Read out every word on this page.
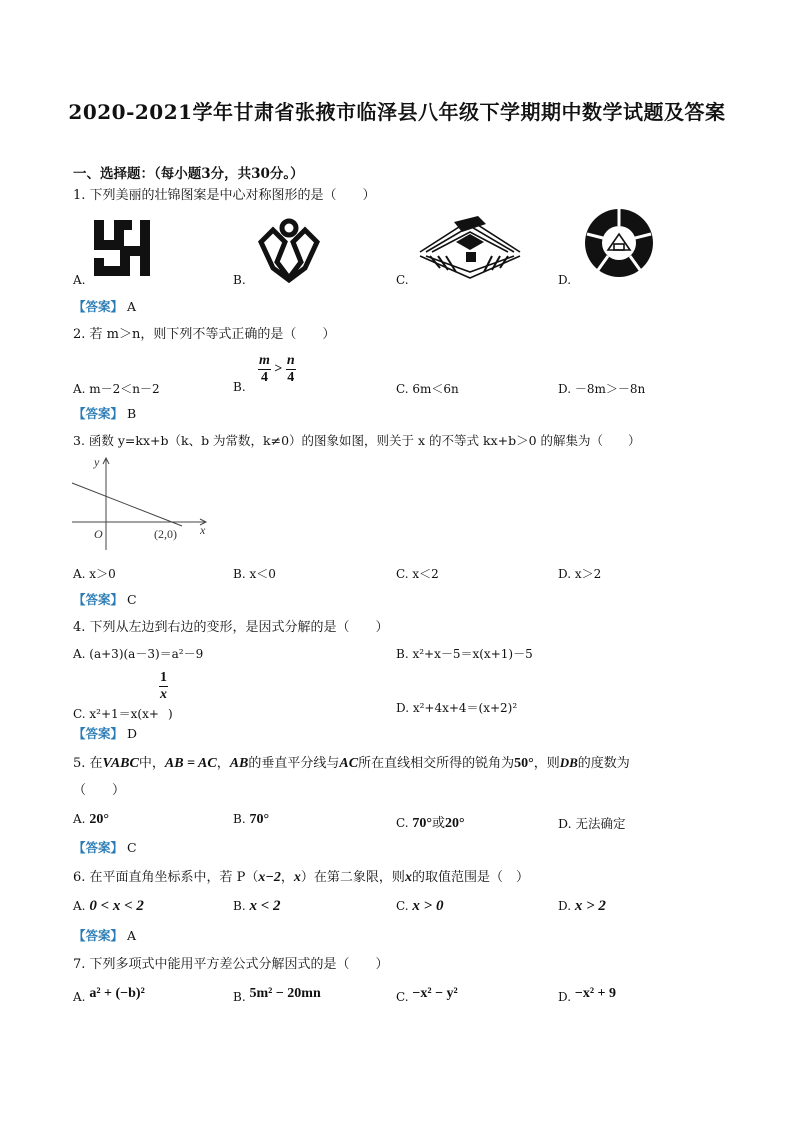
2020-2021学年甘肃省张掖市临泽县八年级下学期期中数学试题及答案
一、选择题：（每小题3分，共30分。）
1. 下列美丽的壮锦图案是中心对称图形的是（　　）
A.	B.	C.	D.
【答案】 A
2. 若 m＞n，则下列不等式正确的是（　　）
A. m－2＜n－2	B.
$\frac{m}{4} > \frac{n}{4}$
C. 6m＜6n	D. －8m＞－8n
【答案】 B
3. 函数 y=kx+b（k、b 为常数，k≠0）的图象如图，则关于 x 的不等式 kx+b＞0 的解集为（　　）
y
x
O	(2,0)
A. x＞0	B. x＜0	C. x＜2	D. x＞2
【答案】 C
4. 下列从左边到右边的变形，是因式分解的是（　　）
A. (a+3)(a－3)＝a²－9	B. x²+x－5＝x(x+1)－5
C. x²+1＝x(x+
$\frac{1}{x}$
)	D. x²+4x+4＝(x+2)²
【答案】 D
5. 在VABC中，AB = AC，AB的垂直平分线与AC所在直线相交所得的锐角为50°，则DB的度数为
（　　）
A. 20°	B. 70°	C. 70°或20°	D. 无法确定
【答案】 C
6. 在平面直角坐标系中，若 P（x−2，x）在第二象限，则x的取值范围是（　）
A. 0 < x < 2	B. x < 2	C. x > 0	D. x > 2
【答案】 A
7. 下列多项式中能用平方差公式分解因式的是（　　）
A. a² + (−b)²	B. 5m² − 20mn	C. −x² − y²	D. −x² + 9
